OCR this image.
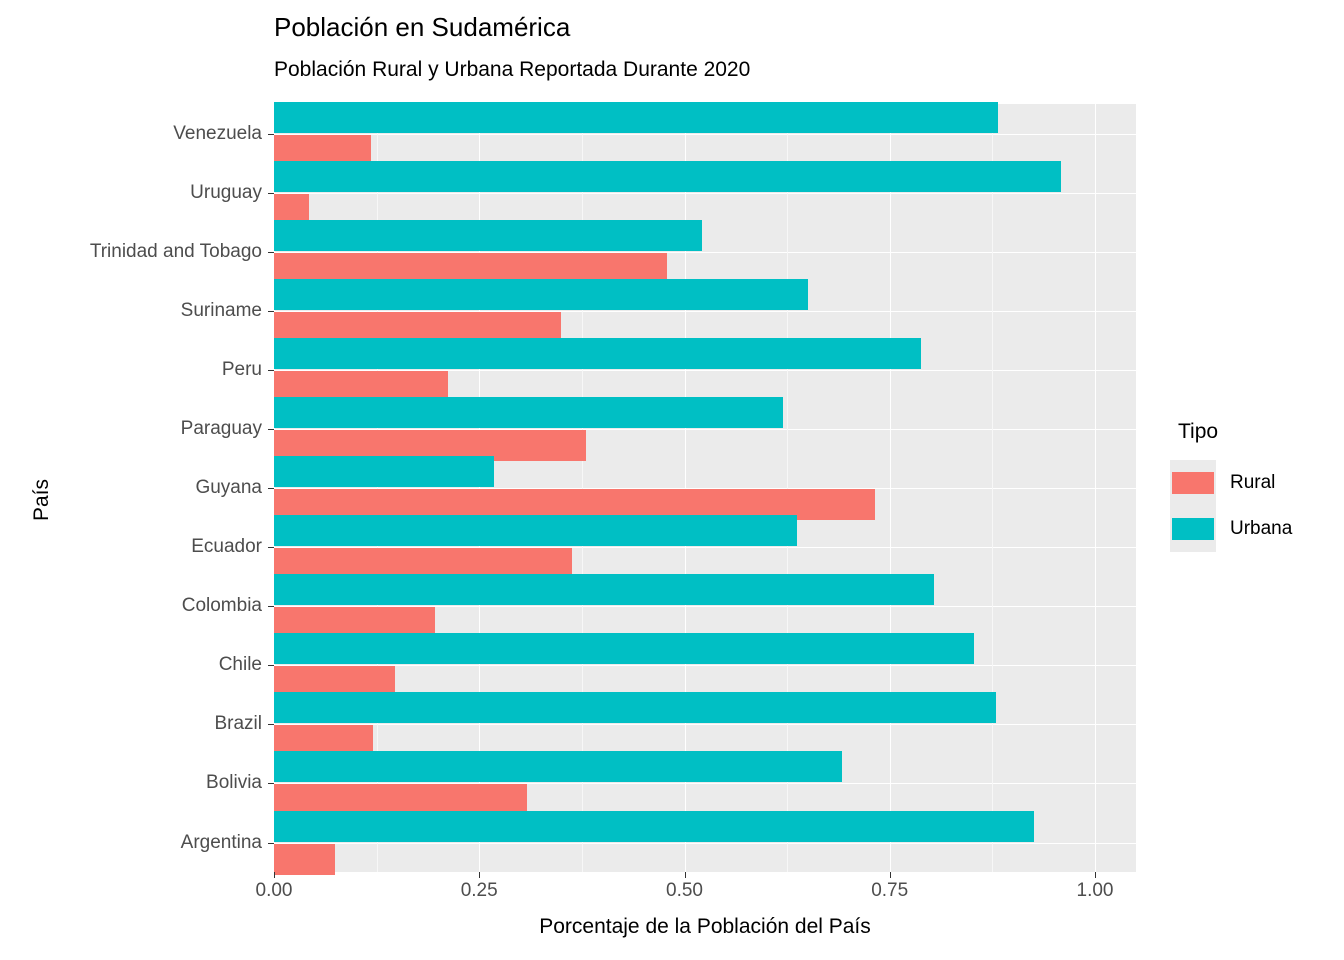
Población en Sudamérica
Población Rural y Urbana Reportada Durante 2020
Venezuela
Uruguay
Trinidad and Tobago
Suriname
Peru
Paraguay
Guyana
Ecuador
Colombia
Chile
Brazil
Bolivia
Argentina
0.00	0.25	0.50	0.75	1.00
Porcentaje de la Población del País
País
Tipo
Rural
Urbana
